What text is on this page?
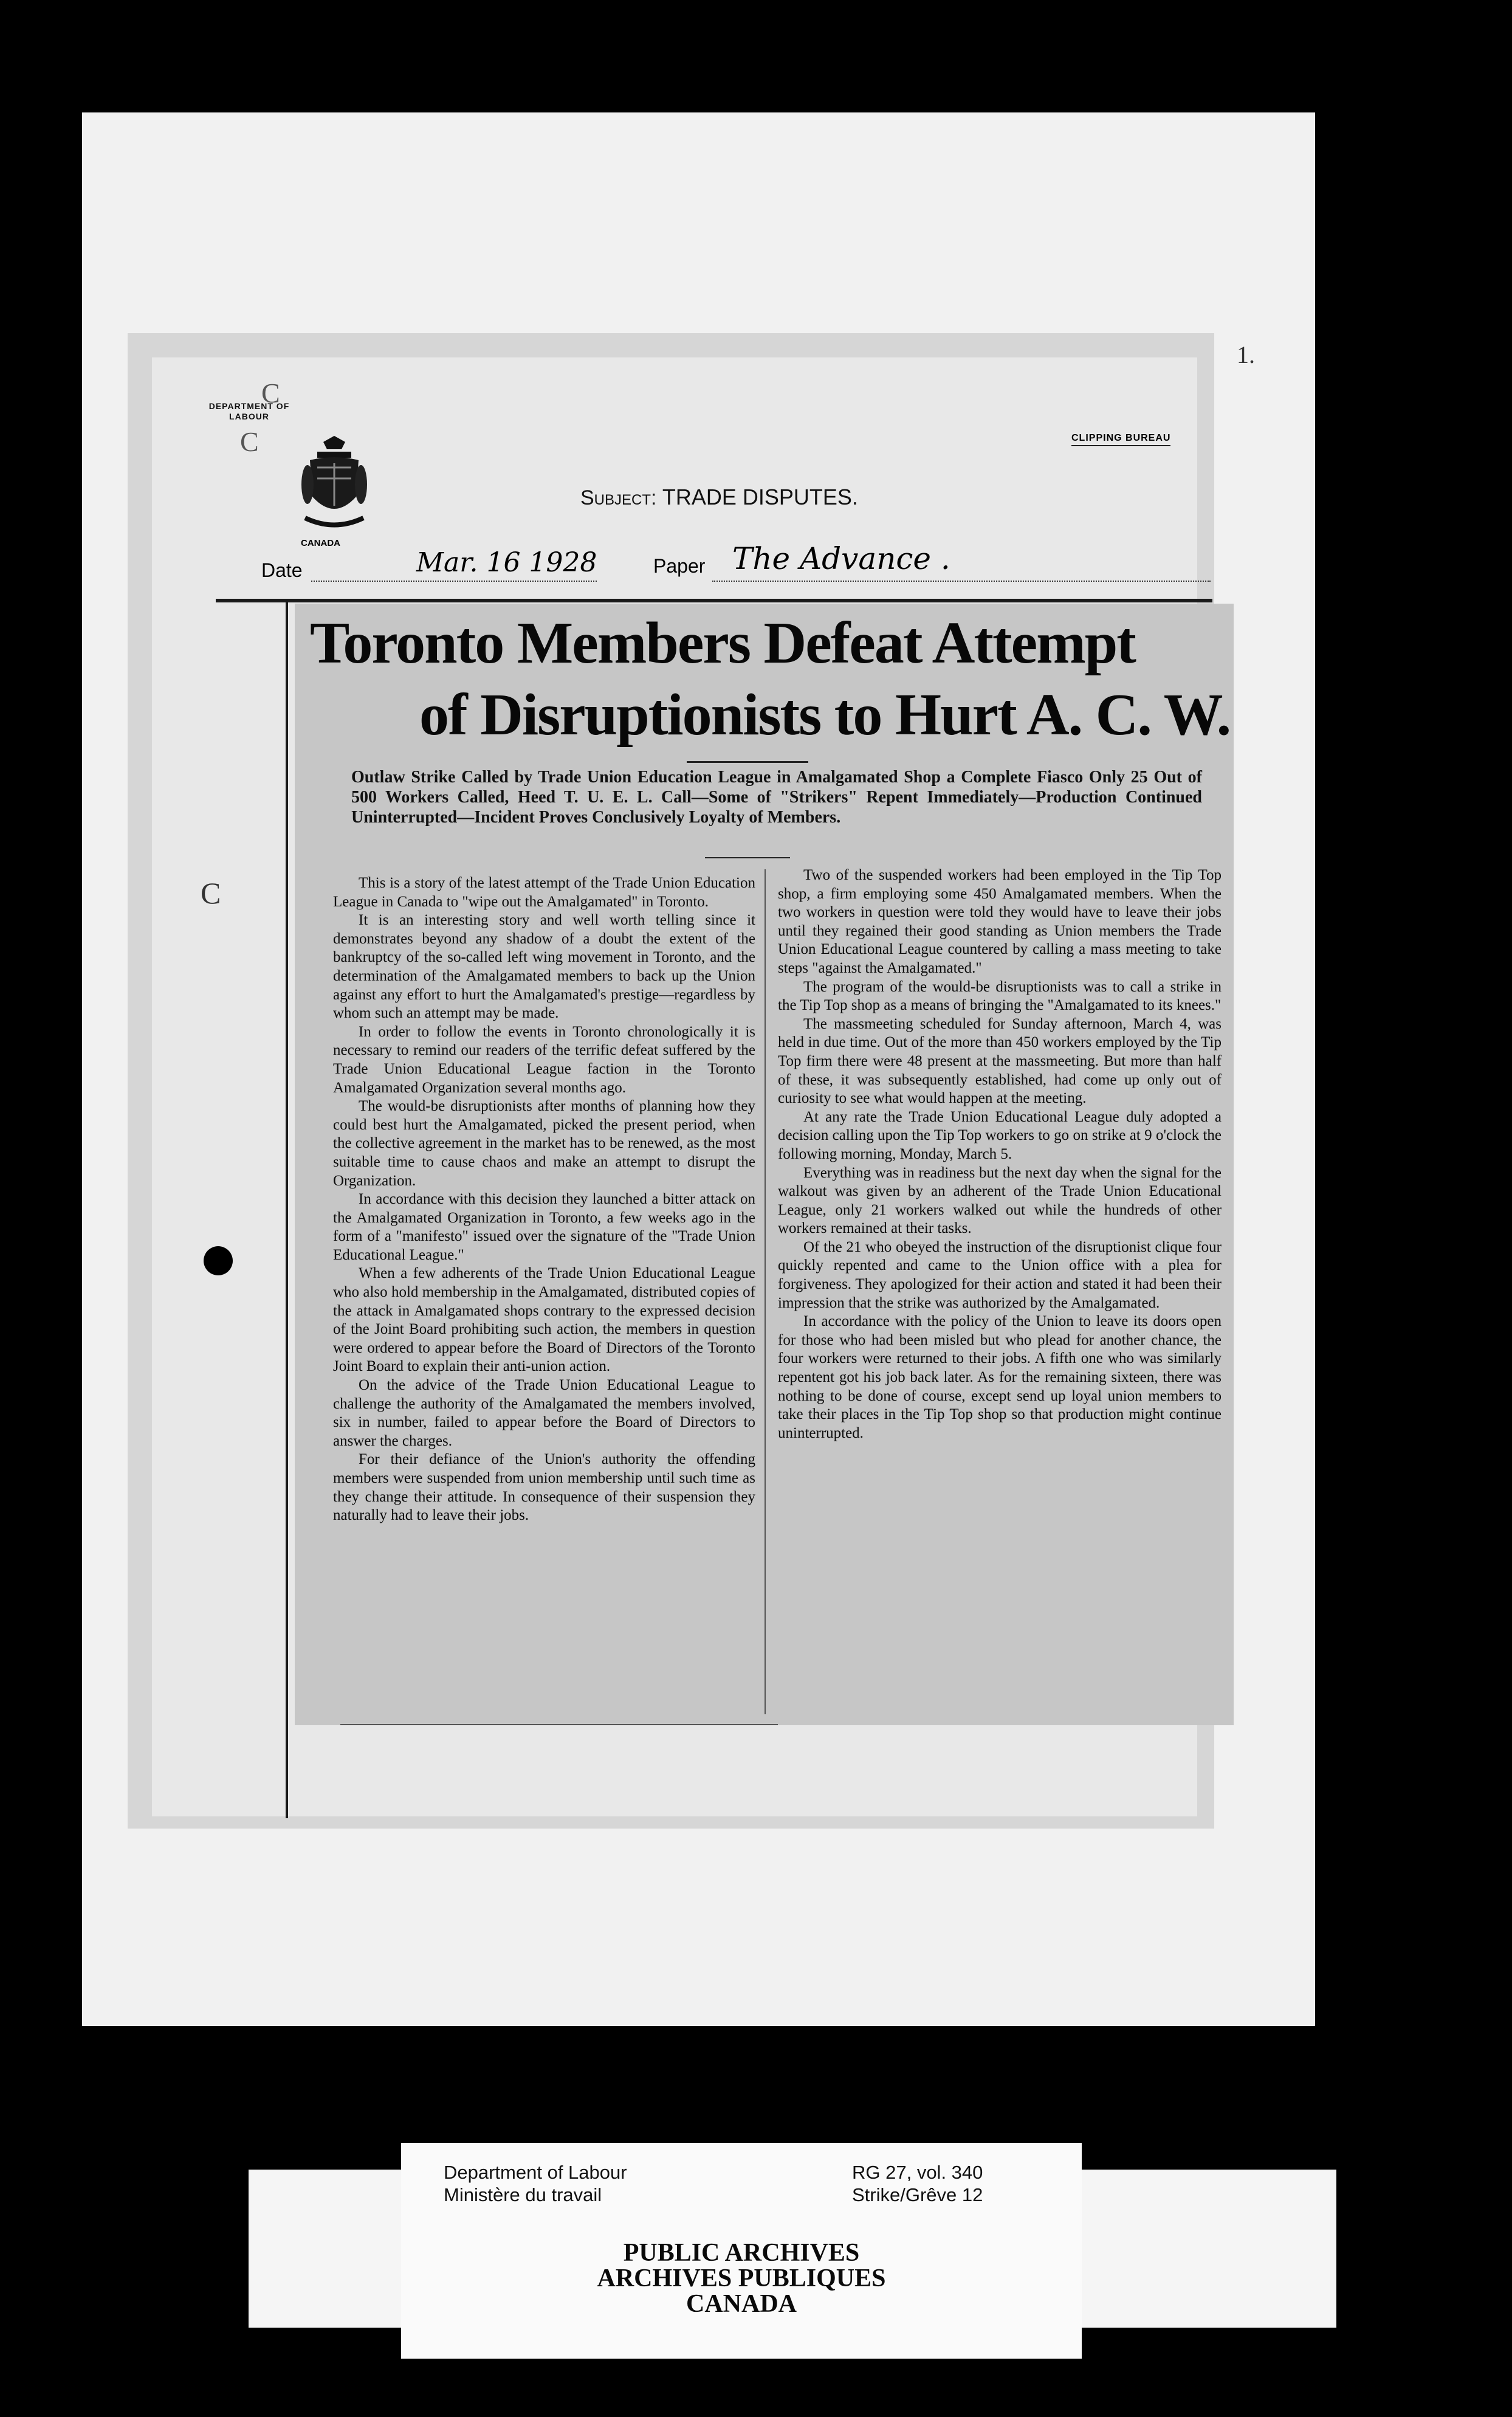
DEPARTMENT OF LABOUR
CANADA
CLIPPING BUREAU
Subject: TRADE DISPUTES.
Date	Mar. 16 1928	Paper The Advance .
Toronto Members Defeat Attempt
of Disruptionists to Hurt A. C. W.
Outlaw Strike Called by Trade Union Education League in Amalgamated Shop a Complete Fiasco Only 25 Out of 500 Workers Called, Heed T. U. E. L. Call—Some of "Strikers" Repent Immediately—Production Continued Uninterrupted—Incident Proves Conclusively Loyalty of Members.

This is a story of the latest attempt of the Trade Union Education League in Canada to "wipe out the Amalgamated" in Toronto.

It is an interesting story and well worth telling since it demonstrates beyond any shadow of a doubt the extent of the bankruptcy of the so-called left wing movement in Toronto, and the determination of the Amalgamated members to back up the Union against any effort to hurt the Amalgamated's prestige—regardless by whom such an attempt may be made.

In order to follow the events in Toronto chronologically it is necessary to remind our readers of the terrific defeat suffered by the Trade Union Educational League faction in the Toronto Amalgamated Organization several months ago.

The would-be disruptionists after months of planning how they could best hurt the Amalgamated, picked the present period, when the collective agreement in the market has to be renewed, as the most suitable time to cause chaos and make an attempt to disrupt the Organization.

In accordance with this decision they launched a bitter attack on the Amalgamated Organization in Toronto, a few weeks ago in the form of a "manifesto" issued over the signature of the "Trade Union Educational League."

When a few adherents of the Trade Union Educational League who also hold membership in the Amalgamated, distributed copies of the attack in Amalgamated shops contrary to the expressed decision of the Joint Board prohibiting such action, the members in question were ordered to appear before the Board of Directors of the Toronto Joint Board to explain their anti-union action.

On the advice of the Trade Union Educational League to challenge the authority of the Amalgamated the members involved, six in number, failed to appear before the Board of Directors to answer the charges.

For their defiance of the Union's authority the offending members were suspended from union membership until such time as they change their attitude. In consequence of their suspension they naturally had to leave their jobs.

Two of the suspended workers had been employed in the Tip Top shop, a firm employing some 450 Amalgamated members. When the two workers in question were told they would have to leave their jobs until they regained their good standing as Union members the Trade Union Educational League countered by calling a mass meeting to take steps "against the Amalgamated."

The program of the would-be disruptionists was to call a strike in the Tip Top shop as a means of bringing the "Amalgamated to its knees."

The massmeeting scheduled for Sunday afternoon, March 4, was held in due time. Out of the more than 450 workers employed by the Tip Top firm there were 48 present at the massmeeting. But more than half of these, it was subsequently established, had come up only out of curiosity to see what would happen at the meeting.

At any rate the Trade Union Educational League duly adopted a decision calling upon the Tip Top workers to go on strike at 9 o'clock the following morning, Monday, March 5.

Everything was in readiness but the next day when the signal for the walkout was given by an adherent of the Trade Union Educational League, only 21 workers walked out while the hundreds of other workers remained at their tasks.

Of the 21 who obeyed the instruction of the disruptionist clique four quickly repented and came to the Union office with a plea for forgiveness. They apologized for their action and stated it had been their impression that the strike was authorized by the Amalgamated.

In accordance with the policy of the Union to leave its doors open for those who had been misled but who plead for another chance, the four workers were returned to their jobs. A fifth one who was similarly repentent got his job back later. As for the remaining sixteen, there was nothing to be done of course, except send up loyal union members to take their places in the Tip Top shop so that production might continue uninterrupted.

1.
C
C
C
Department of Labour
Ministère du travail
RG 27, vol. 340
Strike/Grêve 12
PUBLIC ARCHIVES
ARCHIVES PUBLIQUES
CANADA
